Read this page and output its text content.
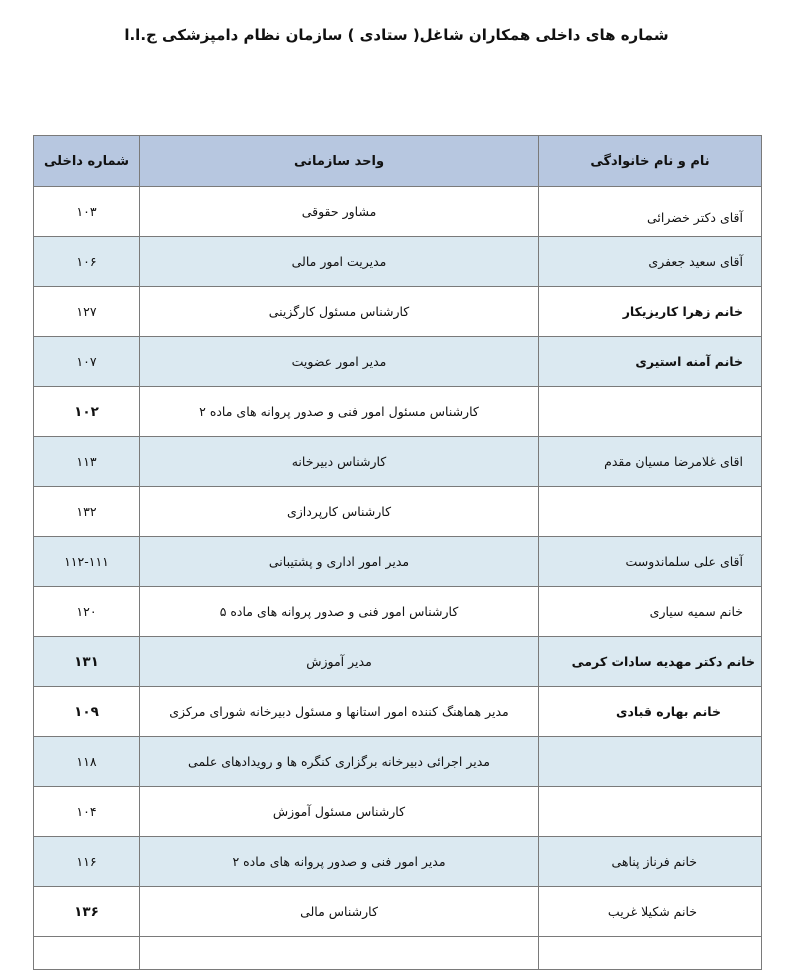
شماره های داخلی همکاران شاغل( ستادی ) سازمان نظام دامپزشکی ج.ا.ا
نام و نام خانوادگی	واحد سازمانی	شماره داخلی
آقای دکتر خضرائی	مشاور حقوقی	۱۰۳
آقای سعید جعفری	مدیریت امور مالی	۱۰۶
خانم زهرا کاریزیکار	کارشناس مسئول کارگزینی	۱۲۷
خانم آمنه استیری	مدیر امور عضویت	۱۰۷
	کارشناس مسئول امور فنی و صدور پروانه های ماده ۲	۱۰۲
اقای غلامرضا مسیان مقدم	کارشناس دبیرخانه	۱۱۳
	کارشناس کارپردازی	۱۳۲
آقای علی سلماندوست	مدیر امور اداری و پشتیبانی	۱۱۲-۱۱۱
خانم سمیه سیاری	کارشناس امور فنی و صدور پروانه های ماده ۵	۱۲۰
خانم دکتر مهدیه سادات کرمی	مدیر آموزش	۱۳۱
خانم بهاره قبادی	مدیر هماهنگ کننده امور استانها و مسئول دبیرخانه شورای مرکزی	۱۰۹
	مدیر اجرائی دبیرخانه برگزاری کنگره ها و رویدادهای علمی	۱۱۸
	کارشناس مسئول آموزش	۱۰۴
خانم فرناز پناهی	مدیر امور فنی و صدور پروانه های ماده ۲	۱۱۶
خانم شکیلا غریب	کارشناس مالی	۱۳۶
